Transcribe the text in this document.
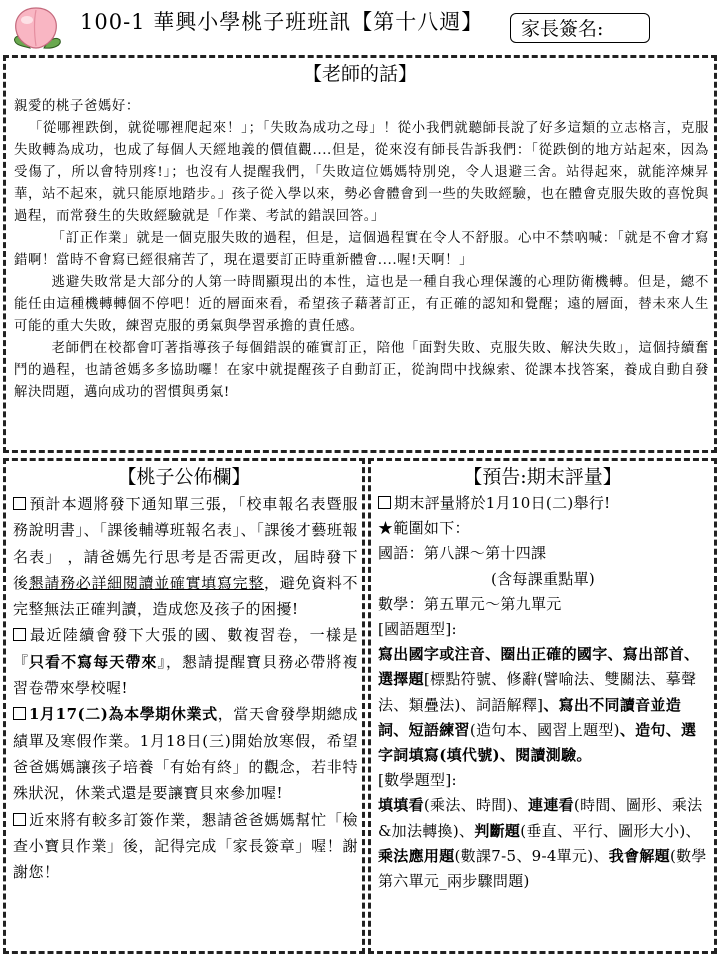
100-1 華興小學桃子班班訊【第十八週】	家長簽名:
【老師的話】

親愛的桃子爸媽好：

「從哪裡跌倒，就從哪裡爬起來！」；「失敗為成功之母」！從小我們就聽師長說了好多這類的立志格言，克服失敗轉為成功，也成了每個人天經地義的價值觀....但是，從來沒有師長告訴我們：「從跌倒的地方站起來，因為受傷了，所以會特別疼!」；也沒有人提醒我們，「失敗這位媽媽特別兇，令人退避三舍。站得起來，就能淬煉昇華，站不起來，就只能原地踏步。」孩子從入學以來，勢必會體會到一些的失敗經驗，也在體會克服失敗的喜悅與過程，而常發生的失敗經驗就是「作業、考試的錯誤回答。」

「訂正作業」就是一個克服失敗的過程，但是，這個過程實在令人不舒服。心中不禁吶喊：「就是不會才寫錯啊！當時不會寫已經很痛苦了，現在還要訂正時重新體會....喔!天啊！」

逃避失敗常是大部分的人第一時間顯現出的本性，這也是一種自我心理保護的心理防衛機轉。但是，總不能任由這種機轉轉個不停吧！近的層面來看，希望孩子藉著訂正，有正確的認知和覺醒；遠的層面，替未來人生可能的重大失敗，練習克服的勇氣與學習承擔的責任感。

老師們在校都會叮著指導孩子每個錯誤的確實訂正，陪他「面對失敗、克服失敗、解決失敗」，這個持續奮鬥的過程，也請爸媽多多協助囉！在家中就提醒孩子自動訂正，從詢問中找線索、從課本找答案，養成自動自發解決問題，邁向成功的習慣與勇氣!

【桃子公佈欄】

預計本週將發下通知單三張，「校車報名表暨服務說明書」、「課後輔導班報名表」、「課後才藝班報名表」 ，請爸媽先行思考是否需更改，屆時發下後懇請務必詳細閱讀並確實填寫完整，避免資料不完整無法正確判讀，造成您及孩子的困擾!

最近陸續會發下大張的國、數複習卷，一樣是『只看不寫每天帶來』，懇請提醒寶貝務必帶將複習卷帶來學校喔!

1月17(二)為本學期休業式，當天會發學期總成績單及寒假作業。1月18日(三)開始放寒假，希望爸爸媽媽讓孩子培養「有始有終」的觀念，若非特殊狀況，休業式還是要讓寶貝來參加喔!

近來將有較多訂簽作業，懇請爸爸媽媽幫忙「檢查小寶貝作業」後，記得完成「家長簽章」喔！謝謝您！

【預告:期末評量】

期末評量將於1月10日(二)舉行!

★範圍如下：

國語：第八課～第十四課

(含每課重點單)

數學：第五單元～第九單元

[國語題型]:

寫出國字或注音、圈出正確的國字、寫出部首、選擇題[標點符號、修辭(譬喻法、雙關法、摹聲法、類疊法)、詞語解釋]、寫出不同讀音並造詞、短語練習(造句本、國習上題型)、造句、選字詞填寫(填代號)、閱讀測驗。

[數學題型]:

填填看(乘法、時間)、連連看(時間、圖形、乘法&加法轉換)、判斷題(垂直、平行、圖形大小)、乘法應用題(數課7-5、9-4單元)、我會解題(數學第六單元_兩步驟問題)
